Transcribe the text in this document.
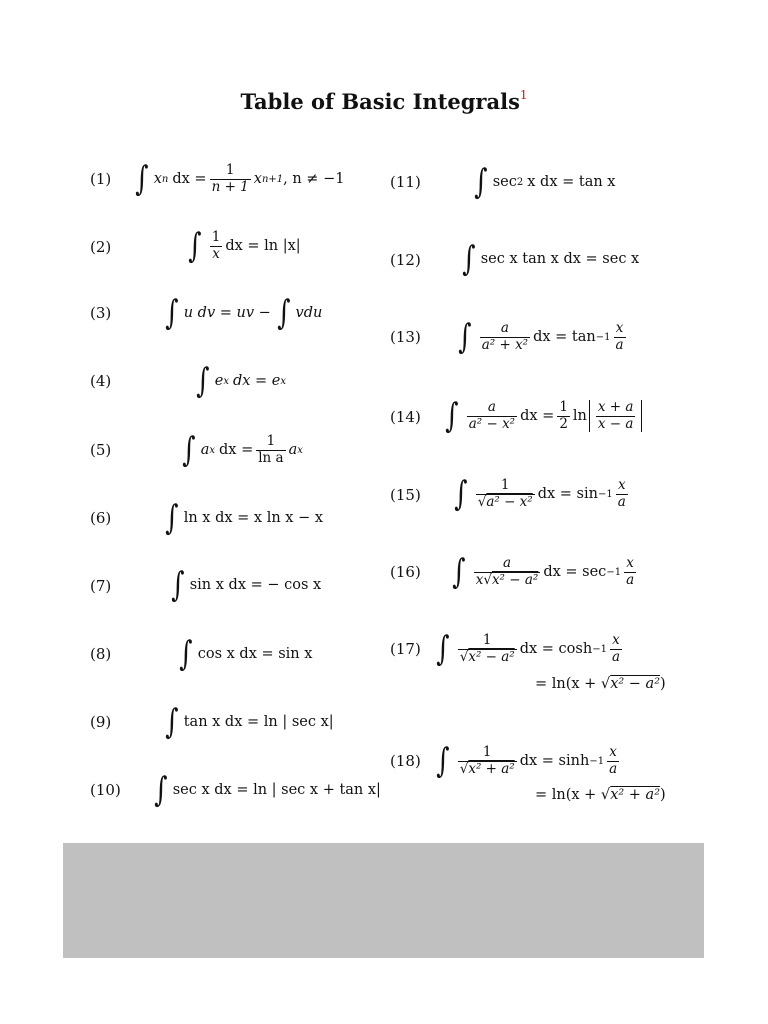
Table of Basic Integrals$^1$
(1)
(2)
(3)
(4)
(5)
(6)
(7)
(8)
(9)
(10)
(11)
(12)
(13)
(14)
(15)
(16)
(17)
(18)
∫ x n dx = $\frac{1}{n + 1}$ x n+1 , n ≠ −1
∫ $\frac{1}{x}$ dx = ln |x|
∫ u dv = uv − ∫ vdu
∫ e x dx = e x
∫ a x dx = $\frac{1}{\text{ln a}}$ a x
∫ ln x dx = x ln x − x
∫ sin x dx = − cos x
∫ cos x dx = sin x
∫ tan x dx = ln | sec x|
∫ sec x dx = ln | sec x + tan x|
∫ sec 2 x dx = tan x
∫ sec x tan x dx = sec x
∫ $\frac{a}{\text{a² + x²}}$ dx = $\tan -1 \frac{x}{a}$
∫ $\frac{a}{\text{a² − x²}}$ dx = $\frac{1}{2}$ $\ln \frac{x + a}{x - a}$
∫ $\frac{1}{\text{√a² − x²}}$ dx = $\sin -1 \frac{x}{a}$
∫ $\frac{a}{\text{x√x² − a²}}$ dx = $\sec -1 \frac{x}{a}$
∫ $\frac{1}{\text{√x² − a²}}$ dx = $\cosh -1 \frac{x}{a}$
= ln(x + √x² − a²)
∫ $\frac{1}{\text{√x² + a²}}$ dx = $\sinh -1 \frac{x}{a}$
= ln(x + √x² + a²)
